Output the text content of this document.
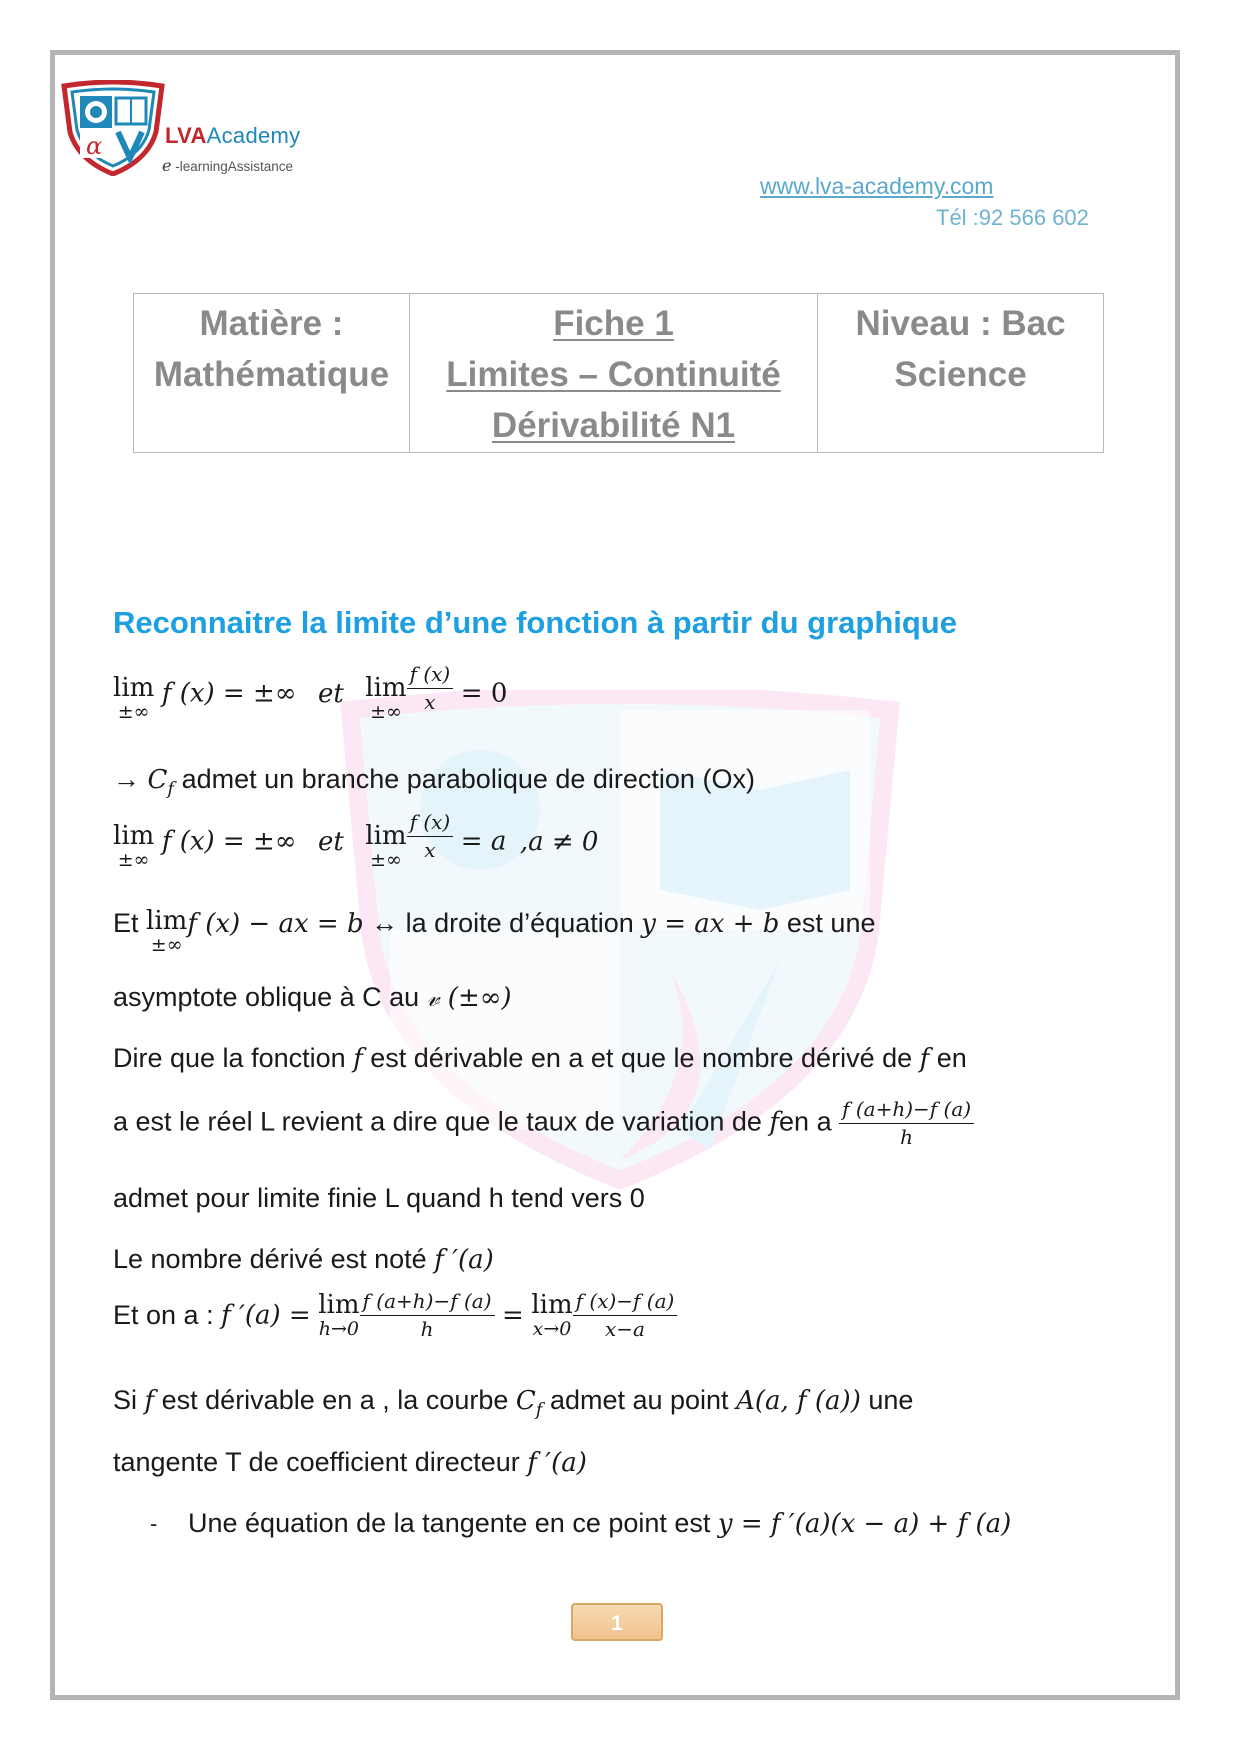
α	LVAAcademy
e -learningAssistance
www.lva-academy.com
Tél :92 566 602
Matière :
Mathématique

Fiche 1
Limites – Continuité
Dérivabilité N1

Niveau : Bac
Science
Reconnaitre la limite d’une fonction à partir du graphique
lim
±∞
f (x) = ±∞ et lim
±∞ $\frac{f (x)}{x} = 0$
→ $C_f$ admet un branche parabolique de direction (Ox)
lim
±∞
f (x) = ±∞ et lim
±∞ $\frac{f (x)}{x} = a$ ,a ≠ 0
Et lim
±∞
f (x) − ax = b ↔ la droite d’équation y = ax + b est une
asymptote oblique à C au 𝓋 (±∞)
Dire que la fonction f est dérivable en a et que le nombre dérivé de f en
a est le réel L revient a dire que le taux de variation de fen a $\frac{f (a+h)-f (a)}{h}$
admet pour limite finie L quand h tend vers 0
Le nombre dérivé est noté f ′(a)
Et on a : f ′(a) = lim
$h\to 0 \frac{f (a+h)-f (a)}{h} = \lim$
$x\to 0 \frac{f (x)-f (a)}{x-a}$
Si f est dérivable en a , la courbe $C_f$ admet au point A(a, f (a)) une
tangente T de coefficient directeur f ′(a)
- Une équation de la tangente en ce point est y = f ′(a)(x − a) + f (a)
1
